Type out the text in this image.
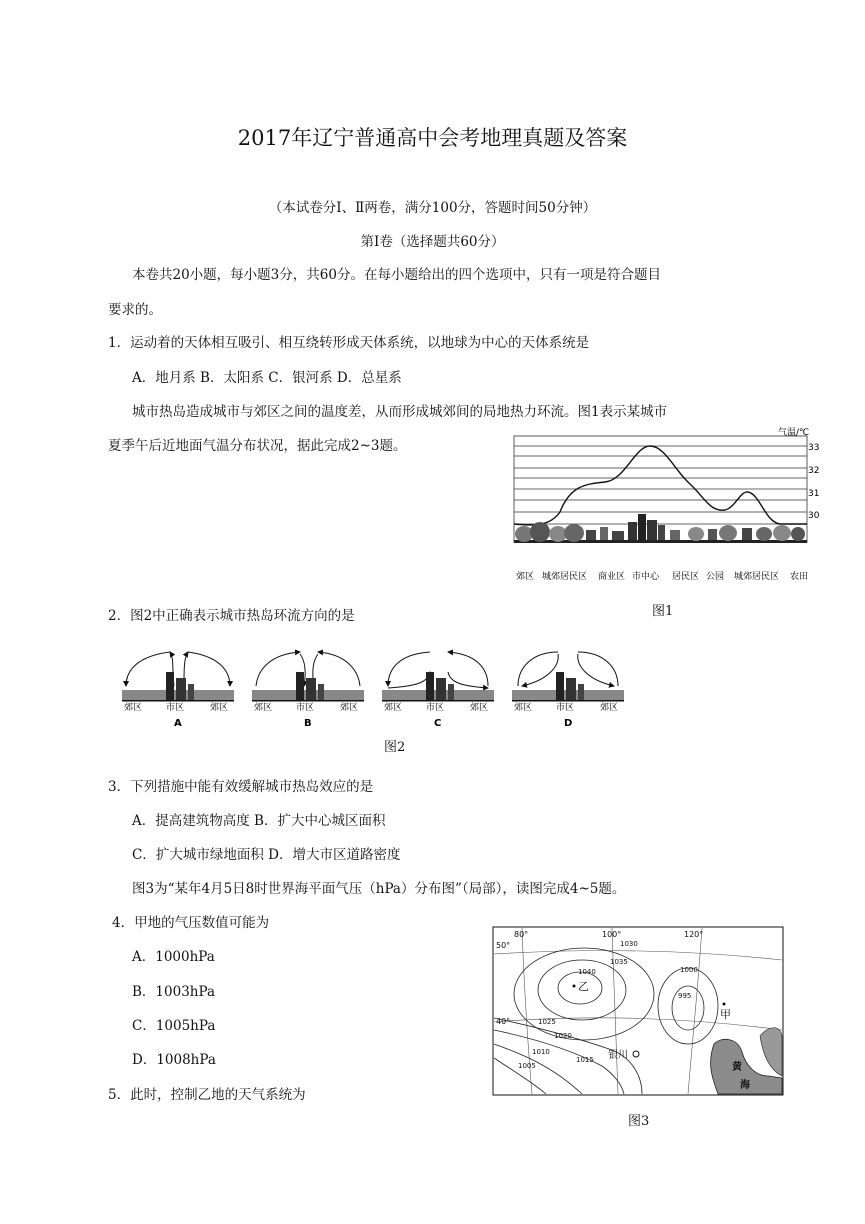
2017年辽宁普通高中会考地理真题及答案
（本试卷分Ⅰ、Ⅱ两卷，满分100分，答题时间50分钟）
第Ⅰ卷（选择题共60分）
本卷共20小题，每小题3分，共60分。在每小题给出的四个选项中，只有一项是符合题目
要求的。
1．运动着的天体相互吸引、相互绕转形成天体系统，以地球为中心的天体系统是
A．地月系 B．太阳系 C．银河系 D．总星系
城市热岛造成城市与郊区之间的温度差，从而形成城郊间的局地热力环流。图1表示某城市
夏季午后近地面气温分布状况，据此完成2~3题。
气温/℃
33
32
31
30
郊区 城郊居民区 商业区 市中心 居民区 公园 城郊居民区 农田
图1
2．图2中正确表示城市热岛环流方向的是
郊区	市区	郊区
A
郊区	市区	郊区
B
郊区	市区	郊区
C
郊区	市区	郊区
D
图2
3．下列措施中能有效缓解城市热岛效应的是
A．提高建筑物高度 B．扩大中心城区面积
C．扩大城市绿地面积 D．增大市区道路密度
图3为“某年4月5日8时世界海平面气压（hPa）分布图”（局部），读图完成4~5题。
4．甲地的气压数值可能为
A．1000hPa
B．1003hPa
C．1005hPa
D．1008hPa
5．此时，控制乙地的天气系统为
80°	100°	120°
50°
40°
1030
1035
1040
1025
1020
1015
1010
1005
1000
995
乙
甲
银川
黄
海
图3
